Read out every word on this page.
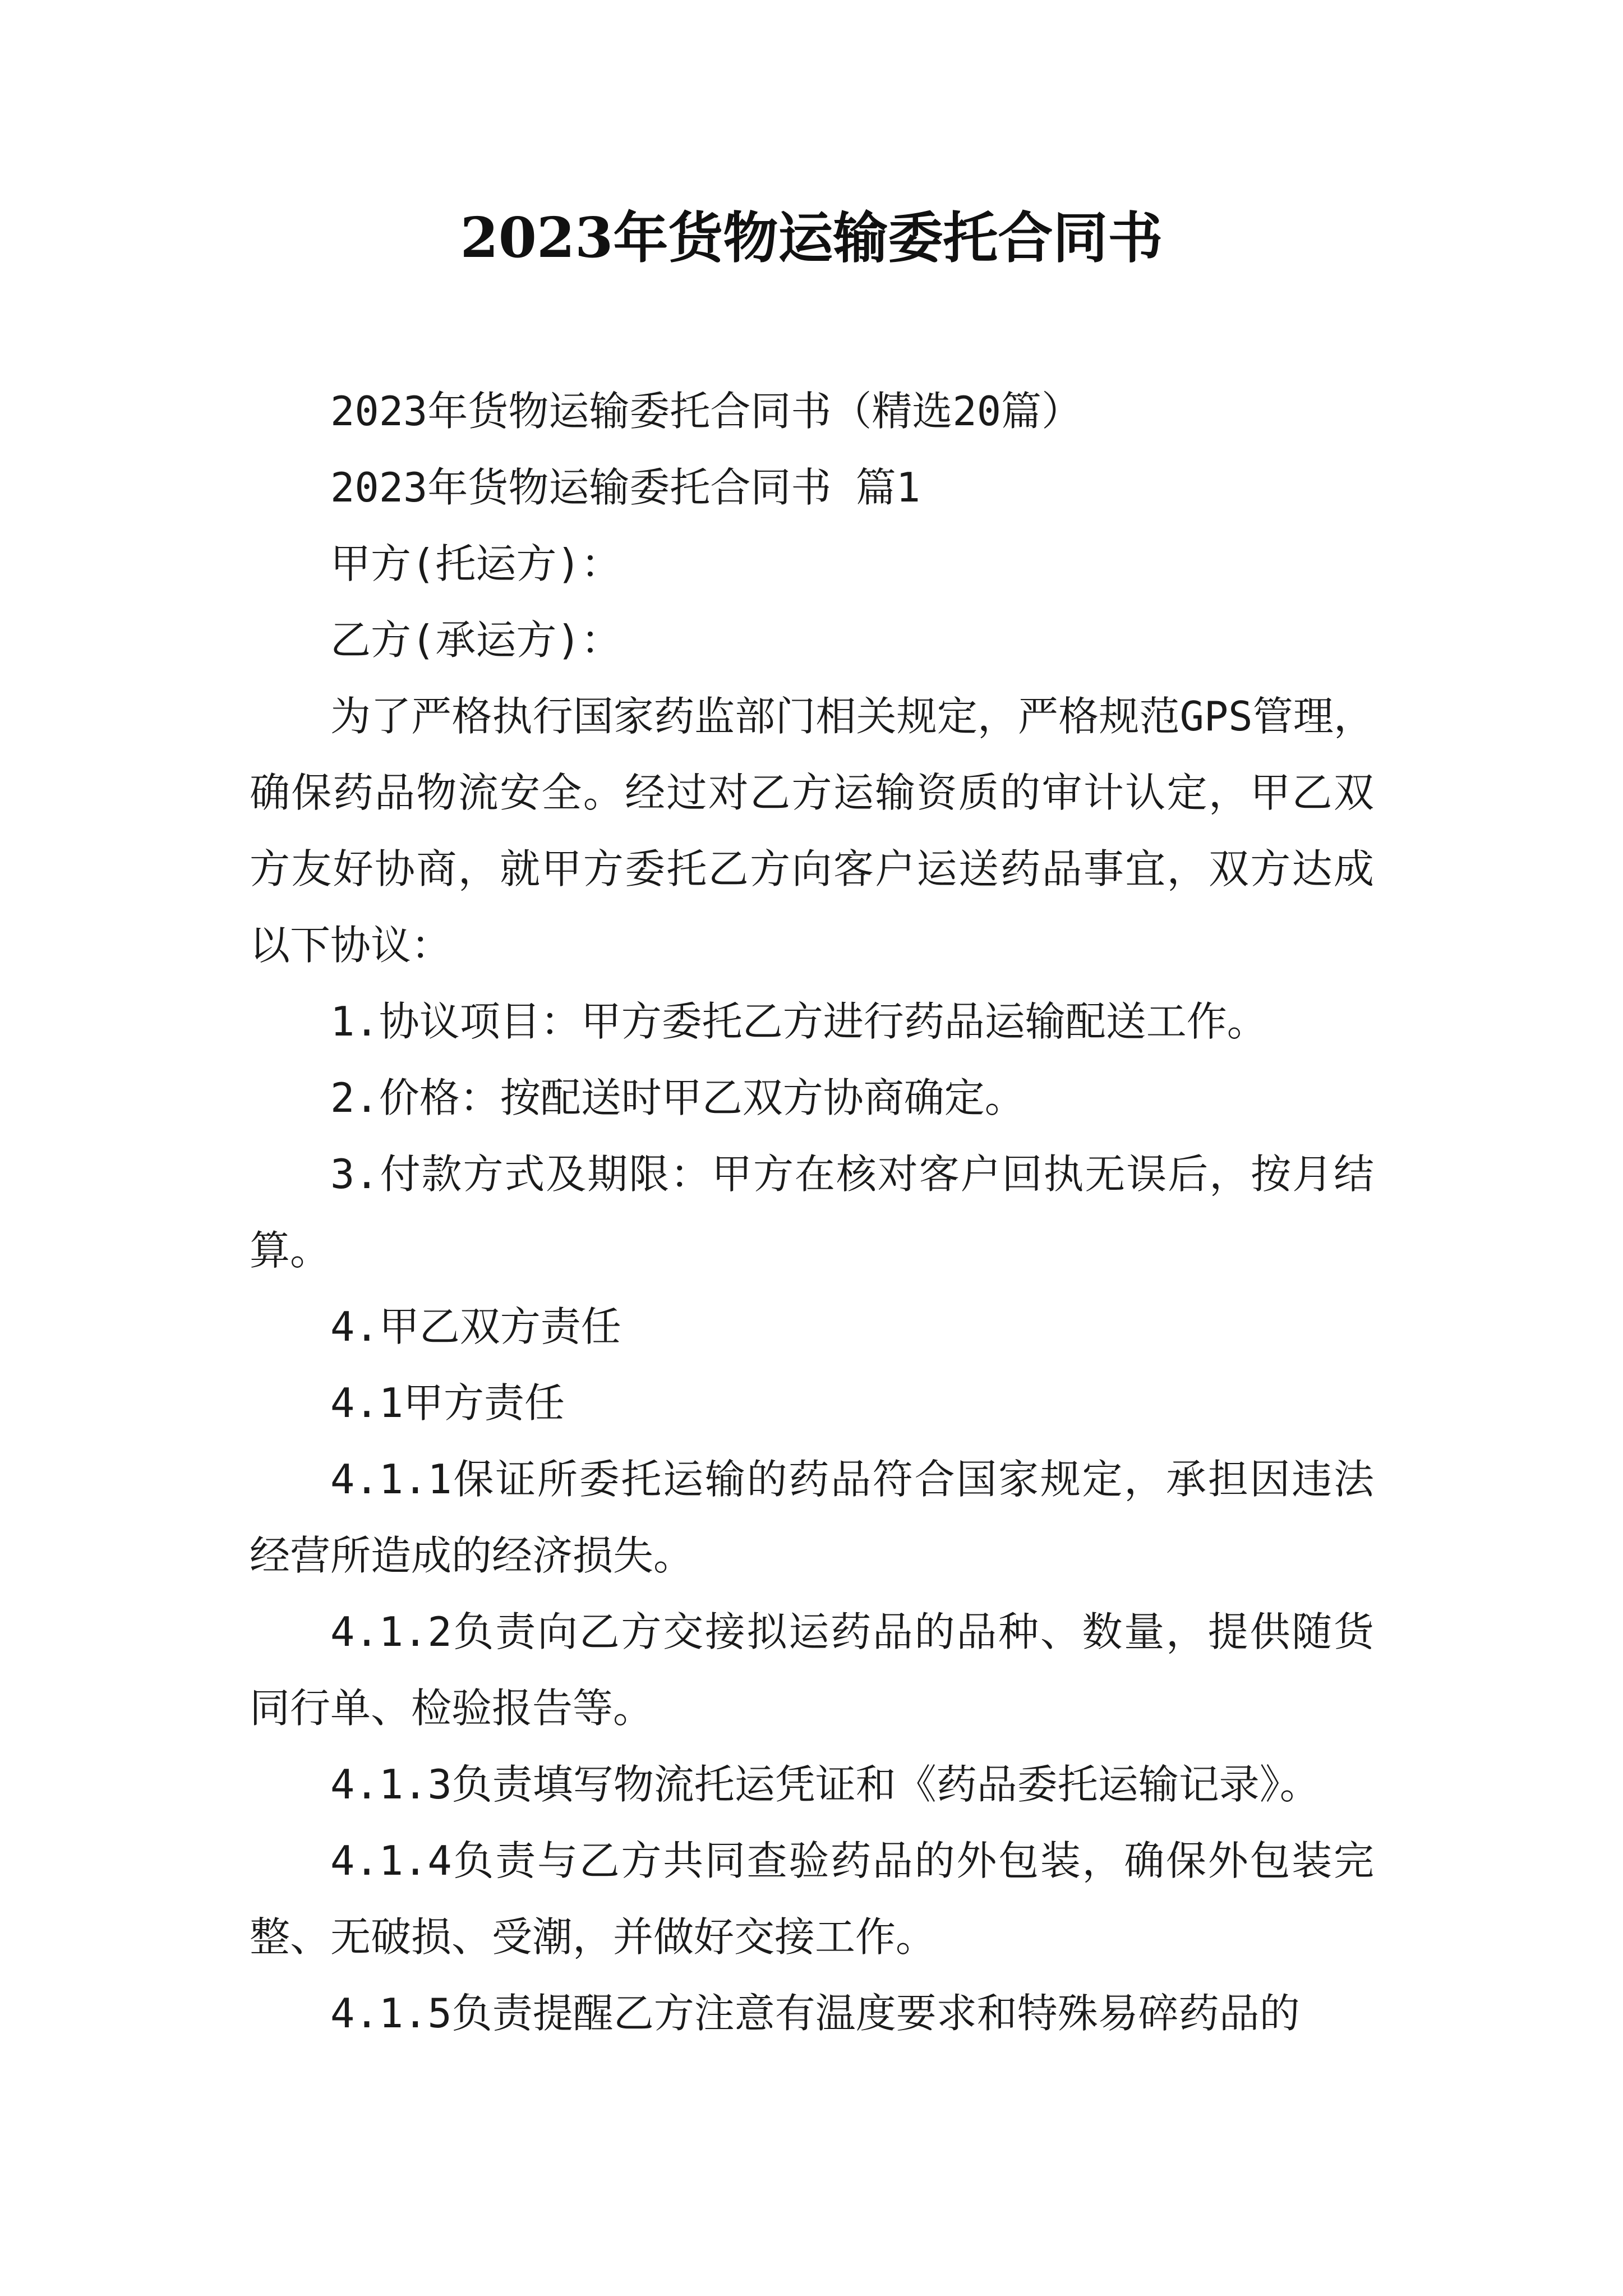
2023年货物运输委托合同书

2023年货物运输委托合同书（精选20篇）

2023年货物运输委托合同书 篇1

甲方(托运方)：

乙方(承运方)：

为了严格执行国家药监部门相关规定，严格规范GPS管理，确保药品物流安全。经过对乙方运输资质的审计认定，甲乙双方友好协商，就甲方委托乙方向客户运送药品事宜，双方达成以下协议：

1.协议项目：甲方委托乙方进行药品运输配送工作。

2.价格：按配送时甲乙双方协商确定。

3.付款方式及期限：甲方在核对客户回执无误后，按月结算。

4.甲乙双方责任

4.1甲方责任

4.1.1保证所委托运输的药品符合国家规定，承担因违法经营所造成的经济损失。

4.1.2负责向乙方交接拟运药品的品种、数量，提供随货同行单、检验报告等。

4.1.3负责填写物流托运凭证和《药品委托运输记录》。

4.1.4负责与乙方共同查验药品的外包装，确保外包装完整、无破损、受潮，并做好交接工作。

4.1.5负责提醒乙方注意有温度要求和特殊易碎药品的
